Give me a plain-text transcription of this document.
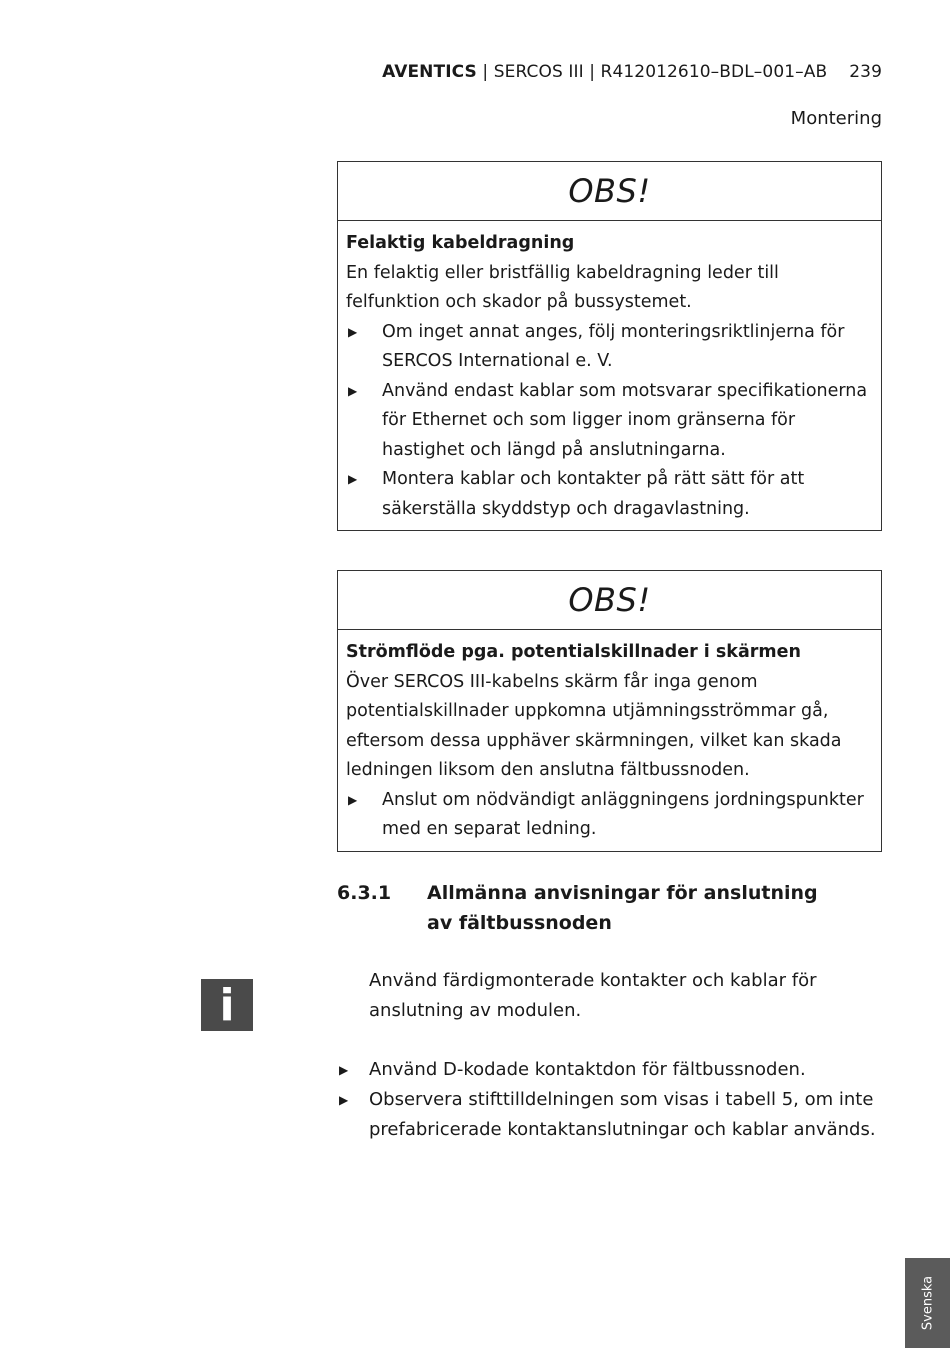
AVENTICS | SERCOS III | R412012610–BDL–001–AB 239
Montering
OBS!
Felaktig kabeldragning
En felaktig eller bristfällig kabeldragning leder till felfunktion och skador på bussystemet.
▶ Om inget annat anges, följ monteringsriktlinjerna för SERCOS International e. V.
▶ Använd endast kablar som motsvarar specifikationerna för Ethernet och som ligger inom gränserna för hastighet och längd på anslutningarna.
▶ Montera kablar och kontakter på rätt sätt för att säkerställa skyddstyp och dragavlastning.
OBS!
Strömflöde pga. potentialskillnader i skärmen
Över SERCOS III-kabelns skärm får inga genom potentialskillnader uppkomna utjämningsströmmar gå, eftersom dessa upphäver skärmningen, vilket kan skada ledningen liksom den anslutna fältbussnoden.
▶ Anslut om nödvändigt anläggningens jordningspunkter med en separat ledning.
6.3.1 Allmänna anvisningar för anslutning av fältbussnoden
i	Använd färdigmonterade kontakter och kablar för anslutning av modulen.
▶ Använd D-kodade kontaktdon för fältbussnoden.
▶ Observera stifttilldelningen som visas i tabell 5, om inte prefabricerade kontaktanslutningar och kablar används.
Svenska
